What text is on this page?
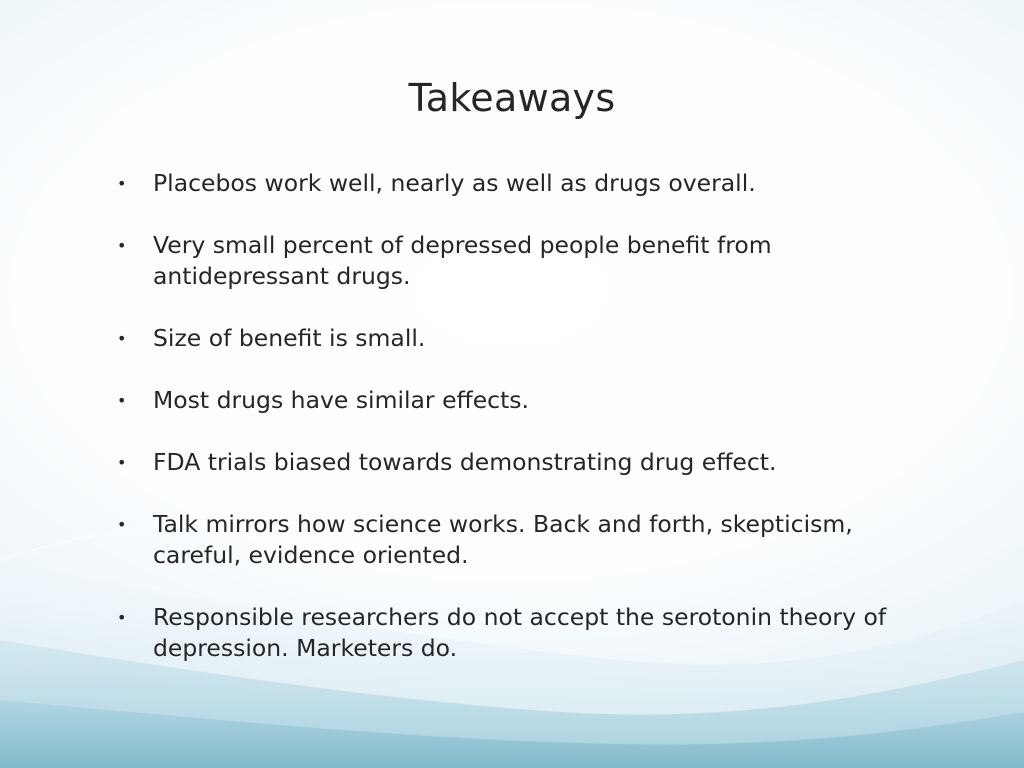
Takeaways
• Placebos work well, nearly as well as drugs overall.
• Very small percent of depressed people benefit from antidepressant drugs.
• Size of benefit is small.
• Most drugs have similar effects.
• FDA trials biased towards demonstrating drug effect.
• Talk mirrors how science works. Back and forth, skepticism, careful, evidence oriented.
• Responsible researchers do not accept the serotonin theory of depression. Marketers do.
